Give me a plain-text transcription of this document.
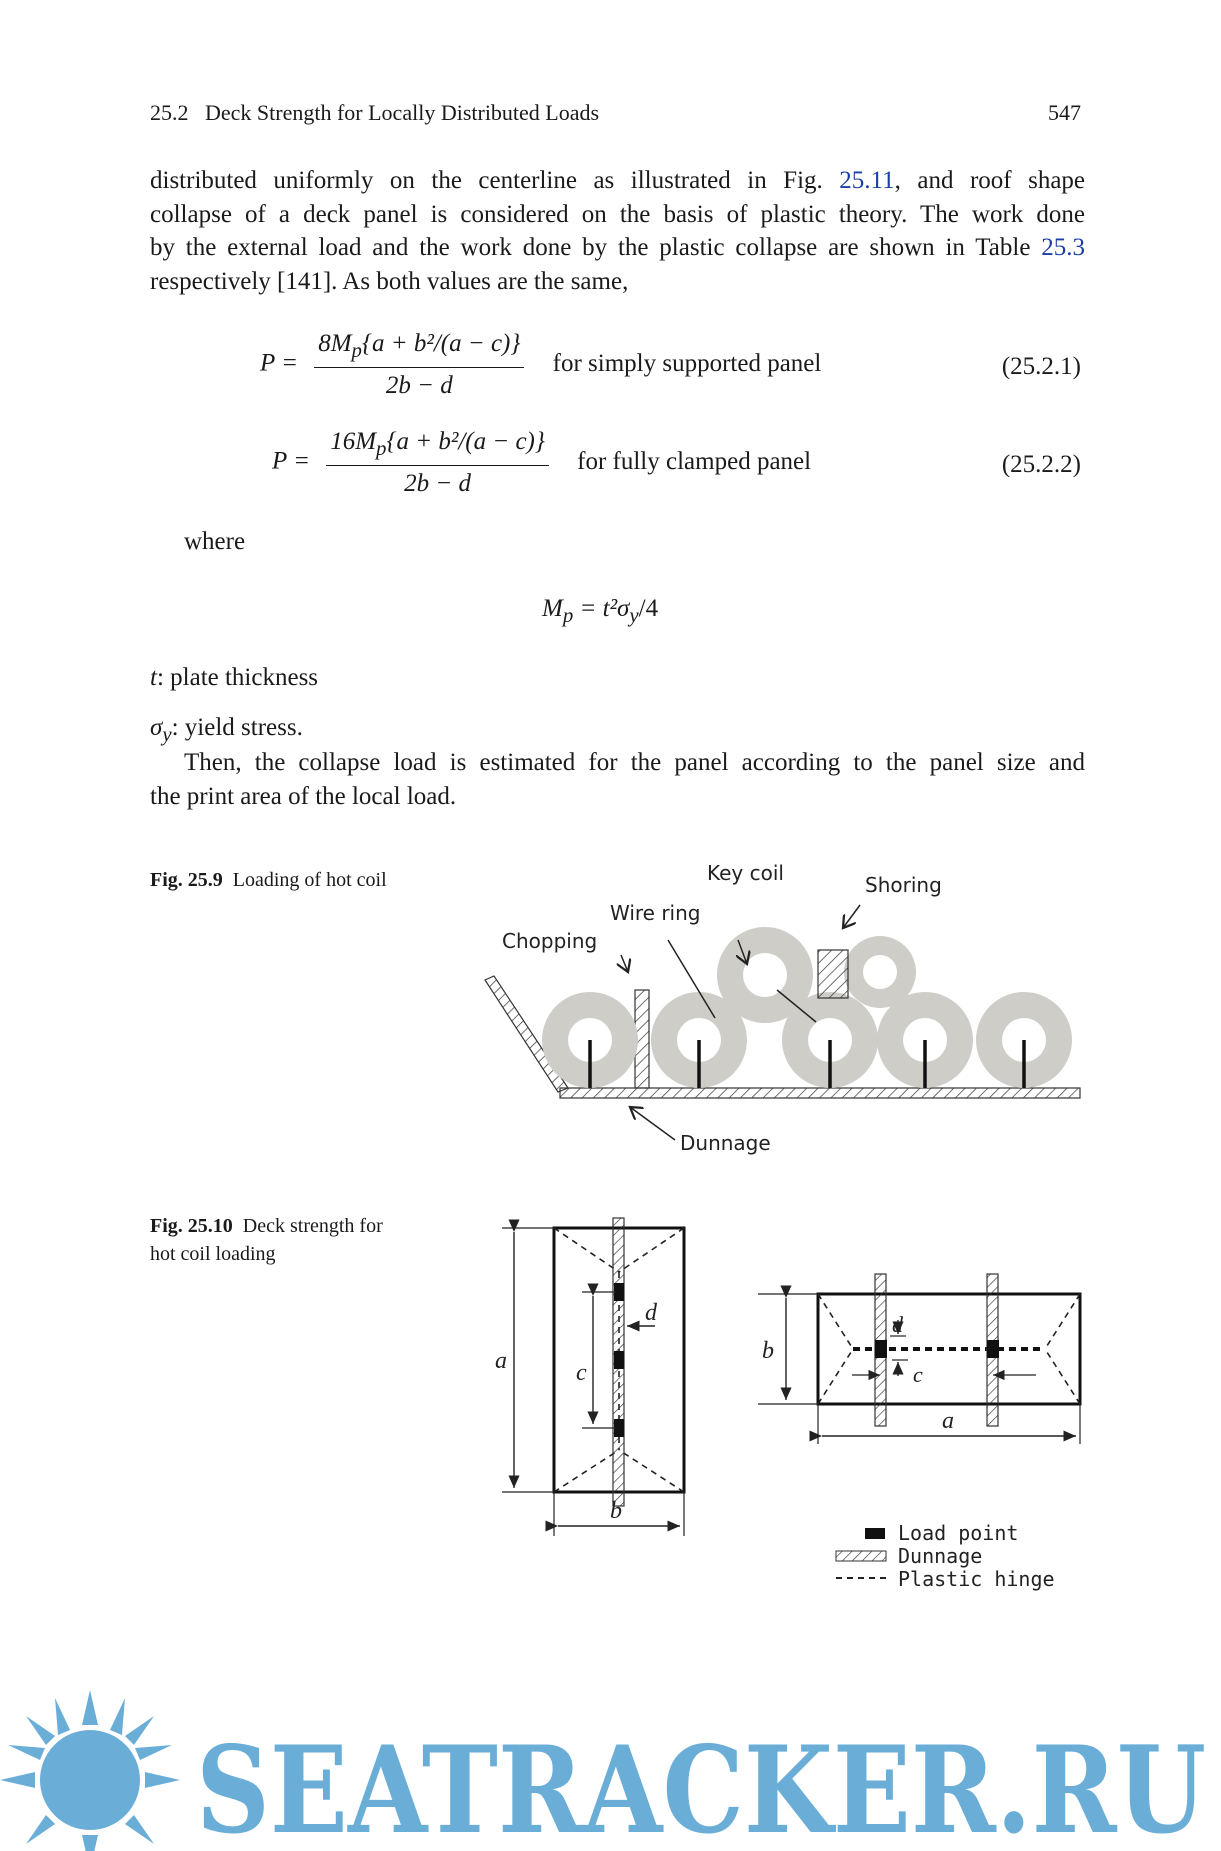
25.2 Deck Strength for Locally Distributed Loads	547
distributed uniformly on the centerline as illustrated in Fig. 25.11, and roof shape
collapse of a deck panel is considered on the basis of plastic theory. The work done
by the external load and the work done by the plastic collapse are shown in Table 25.3
respectively [141]. As both values are the same,
$P = \frac{8M_p\{a + b^2/(a - c)\}}{2b - d}$ for simply supported panel	(25.2.1)
$P = \frac{16M_p\{a + b^2/(a - c)\}}{2b - d}$ for fully clamped panel	(25.2.2)
where
$M_p = t^2\sigma_y/4$
t: plate thickness
$\sigma_y$: yield stress.
Then, the collapse load is estimated for the panel according to the panel size and
the print area of the local load.
Fig. 25.9 Loading of hot coil	Key coil	Shoring
Wire ring
Chopping
Dunnage
Fig. 25.10 Deck strength for hot coil loading
a	c
d
b
b
d
c
a
Load point
Dunnage
Plastic hinge
SEATRACKER.RU
